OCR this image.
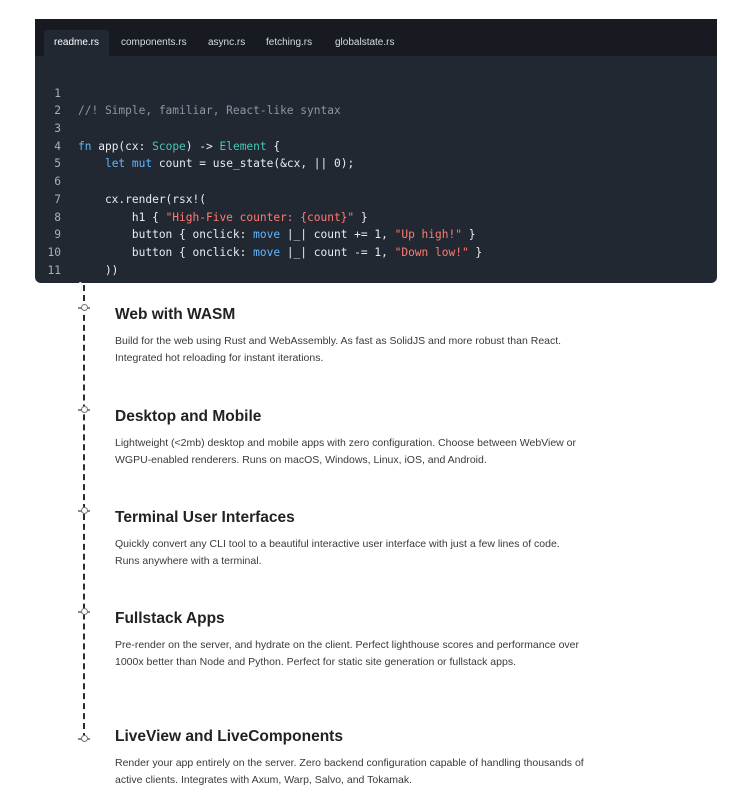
readme.rs	components.rs async.rs fetching.rs globalstate.rs

1

//! Simple, familiar, React-like syntax

2

3

fn app(cx: Scope) -> Element {

4

let mut count = use_state(&cx, || 0);

5

6

cx.render(rsx!(

7

h1 { "High-Five counter: {count}" }

8

button { onclick: move |_| count += 1, "Up high!" }

9

button { onclick: move |_| count -= 1, "Down low!" }

10

))

11

}

Web with WASM

Build for the web using Rust and WebAssembly. As fast as SolidJS and more robust than React. Integrated hot reloading for instant iterations.

Desktop and Mobile

Lightweight (<2mb) desktop and mobile apps with zero configuration. Choose between WebView or WGPU-enabled renderers. Runs on macOS, Windows, Linux, iOS, and Android.

Terminal User Interfaces

Quickly convert any CLI tool to a beautiful interactive user interface with just a few lines of code. Runs anywhere with a terminal.

Fullstack Apps

Pre-render on the server, and hydrate on the client. Perfect lighthouse scores and performance over 1000x better than Node and Python. Perfect for static site generation or fullstack apps.

LiveView and LiveComponents

Render your app entirely on the server. Zero backend configuration capable of handling thousands of active clients. Integrates with Axum, Warp, Salvo, and Tokamak.
